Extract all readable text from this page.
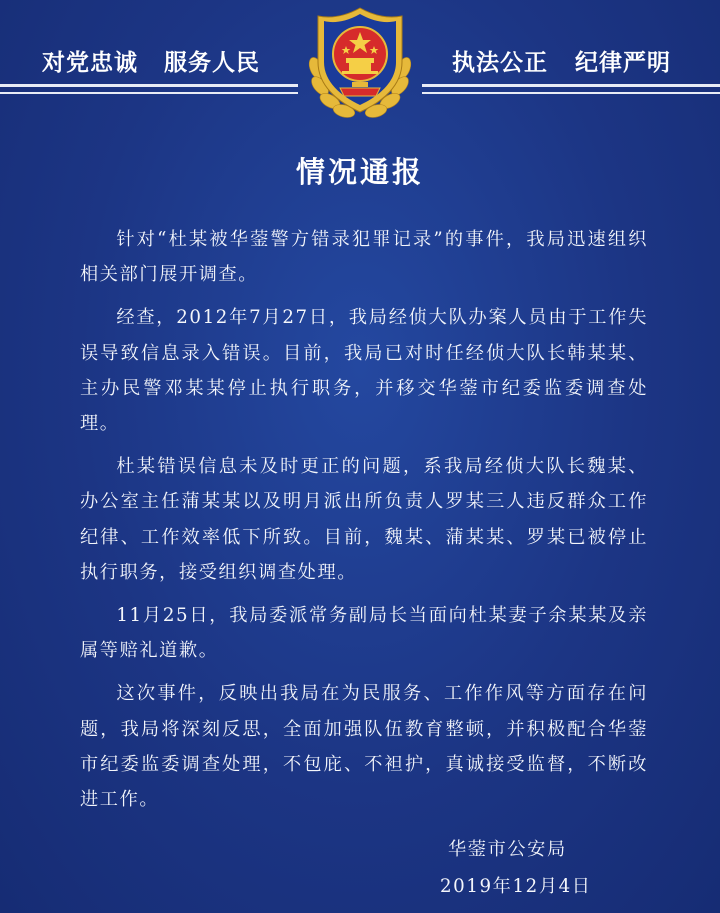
对党忠诚 服务人民	执法公正 纪律严明
情况通报

针对“杜某被华蓥警方错录犯罪记录”的事件，我局迅速组织相关部门展开调查。

经查，2012年7月27日，我局经侦大队办案人员由于工作失误导致信息录入错误。目前，我局已对时任经侦大队长韩某某、主办民警邓某某停止执行职务，并移交华蓥市纪委监委调查处理。

杜某错误信息未及时更正的问题，系我局经侦大队长魏某、办公室主任蒲某某以及明月派出所负责人罗某三人违反群众工作纪律、工作效率低下所致。目前，魏某、蒲某某、罗某已被停止执行职务，接受组织调查处理。

11月25日，我局委派常务副局长当面向杜某妻子余某某及亲属等赔礼道歉。

这次事件，反映出我局在为民服务、工作作风等方面存在问题，我局将深刻反思，全面加强队伍教育整顿，并积极配合华蓥市纪委监委调查处理，不包庇、不袒护，真诚接受监督，不断改进工作。

华蓥市公安局
2019年12月4日
